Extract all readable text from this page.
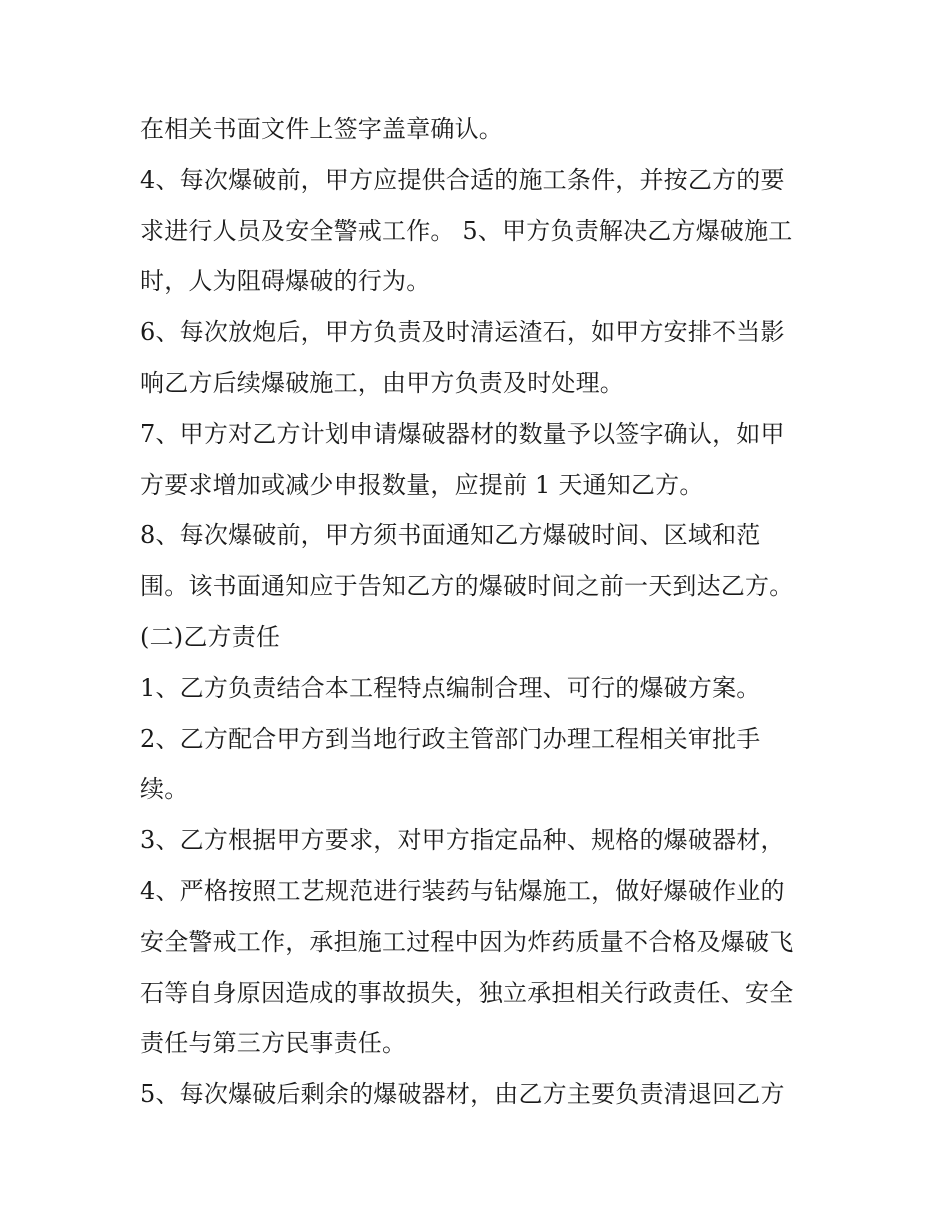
在相关书面文件上签字盖章确认。
4、每次爆破前，甲方应提供合适的施工条件，并按乙方的要
求进行人员及安全警戒工作。 5、甲方负责解决乙方爆破施工
时，人为阻碍爆破的行为。
6、每次放炮后，甲方负责及时清运渣石，如甲方安排不当影
响乙方后续爆破施工，由甲方负责及时处理。
7、甲方对乙方计划申请爆破器材的数量予以签字确认，如甲
方要求增加或减少申报数量，应提前 1 天通知乙方。
8、每次爆破前，甲方须书面通知乙方爆破时间、区域和范
围。该书面通知应于告知乙方的爆破时间之前一天到达乙方。
(二)乙方责任
1、乙方负责结合本工程特点编制合理、可行的爆破方案。
2、乙方配合甲方到当地行政主管部门办理工程相关审批手
续。
3、乙方根据甲方要求，对甲方指定品种、规格的爆破器材，
4、严格按照工艺规范进行装药与钻爆施工，做好爆破作业的
安全警戒工作，承担施工过程中因为炸药质量不合格及爆破飞
石等自身原因造成的事故损失，独立承担相关行政责任、安全
责任与第三方民事责任。
5、每次爆破后剩余的爆破器材，由乙方主要负责清退回乙方
